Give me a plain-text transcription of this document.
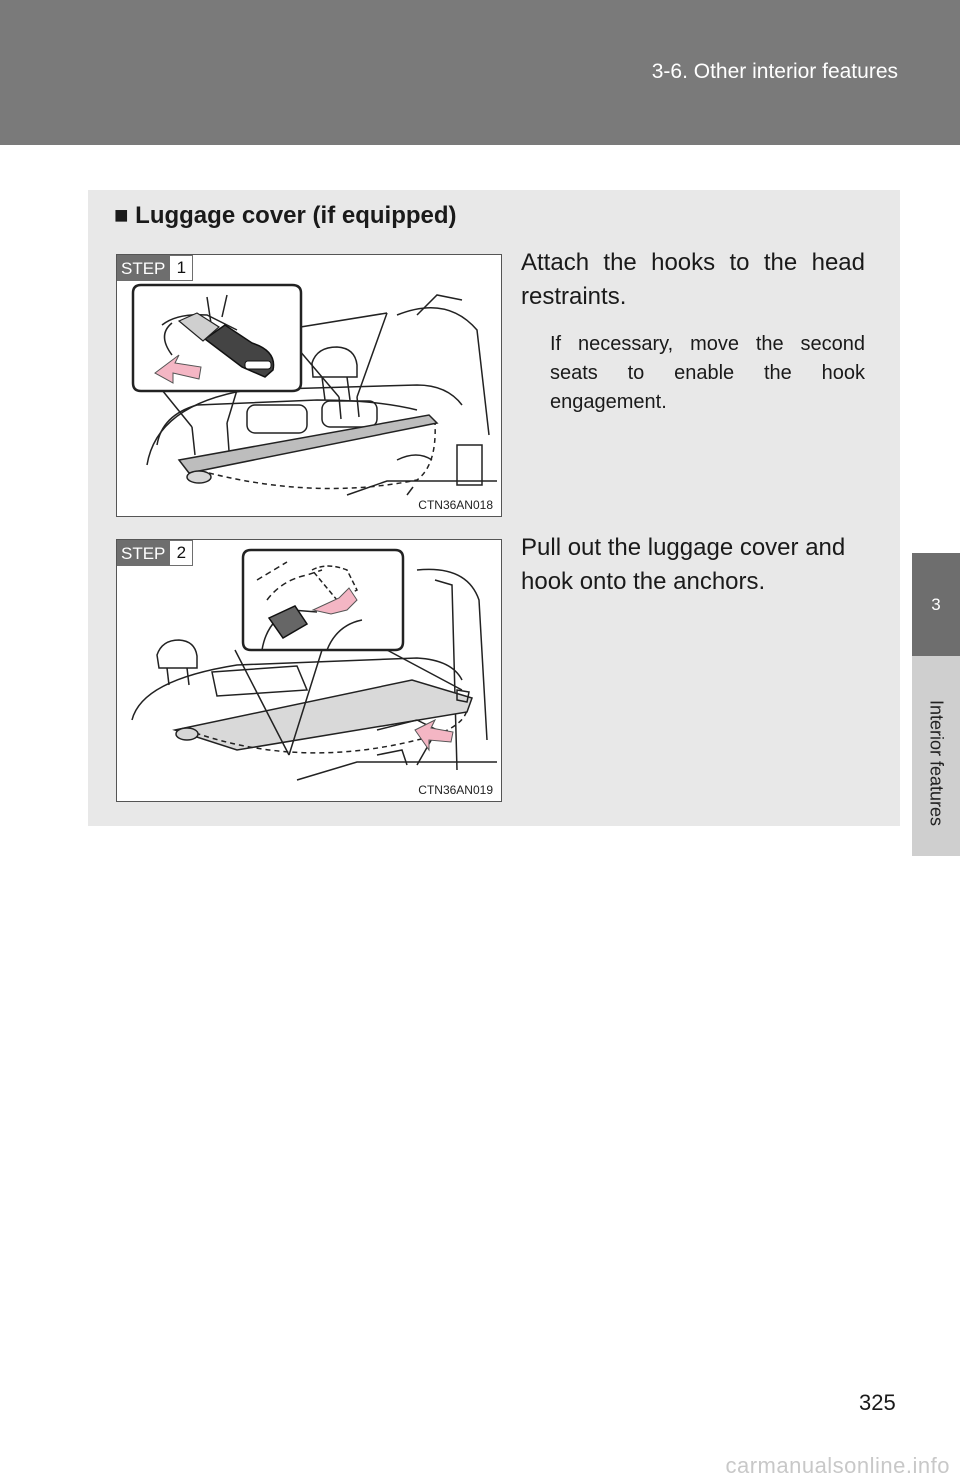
3-6. Other interior features
3
Interior features
■ Luggage cover (if equipped)
STEP 1
CTN36AN018
Attach the hooks to the head restraints.
If necessary, move the second seats to enable the hook engagement.
STEP 2
CTN36AN019
Pull out the luggage cover and hook onto the anchors.
325
carmanualsonline.info
